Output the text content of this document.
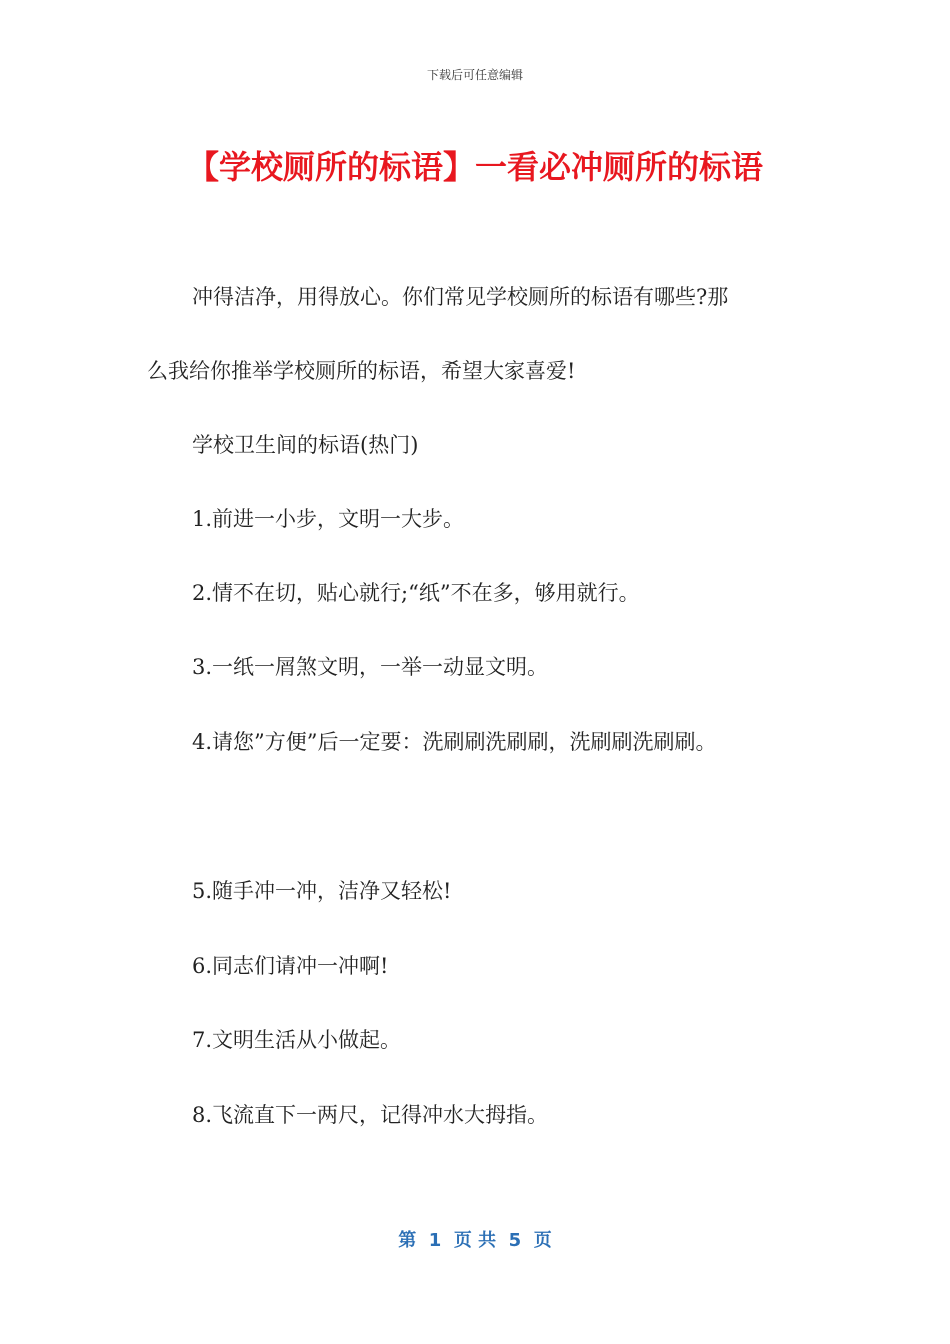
下载后可任意编辑
【学校厕所的标语】一看必冲厕所的标语
冲得洁净，用得放心。你们常见学校厕所的标语有哪些?那
么我给你推举学校厕所的标语，希望大家喜爱!
学校卫生间的标语(热门)
1.前进一小步，文明一大步。
2.情不在切，贴心就行;“纸”不在多，够用就行。
3.一纸一屑煞文明，一举一动显文明。
4.请您”方便”后一定要：洗刷刷洗刷刷，洗刷刷洗刷刷。
5.随手冲一冲，洁净又轻松!
6.同志们请冲一冲啊!
7.文明生活从小做起。
8.飞流直下一两尺，记得冲水大拇指。
第  1  页 共  5  页
